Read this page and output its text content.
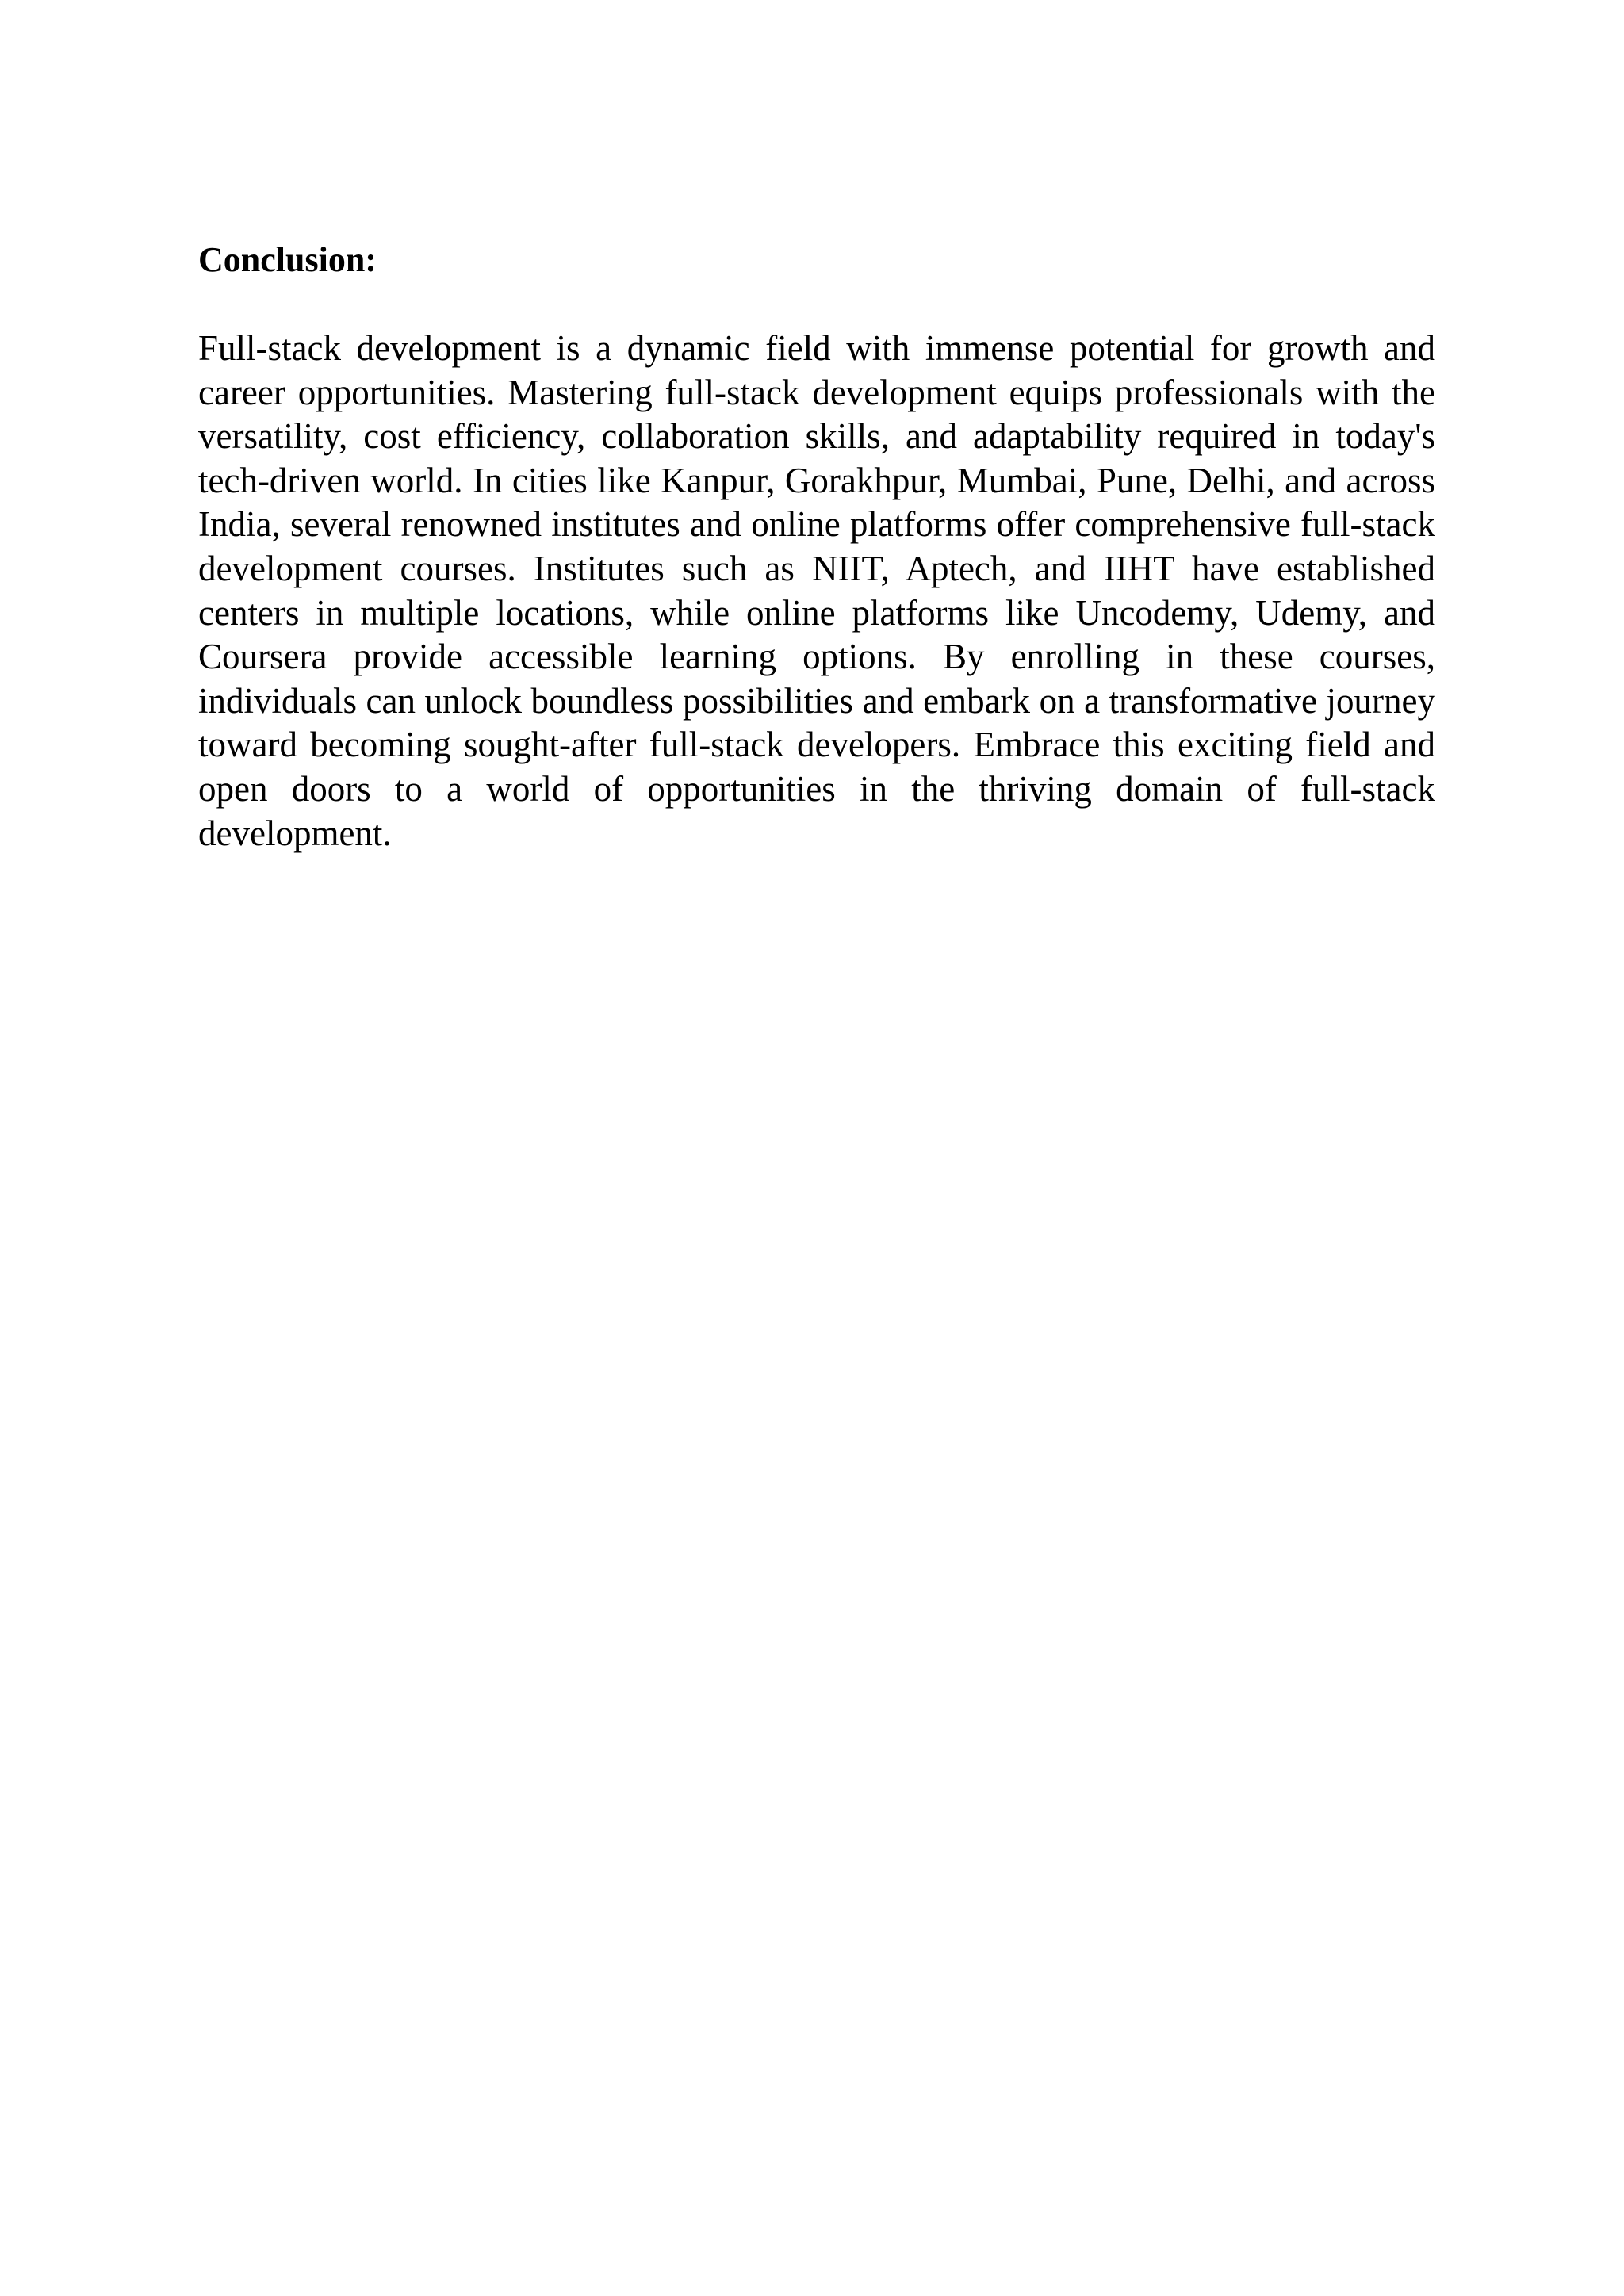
Conclusion:

Full-stack development is a dynamic field with immense potential for growth and career opportunities. Mastering full-stack development equips professionals with the versatility, cost efficiency, collaboration skills, and adaptability required in today's tech-driven world. In cities like Kanpur, Gorakhpur, Mumbai, Pune, Delhi, and across India, several renowned institutes and online platforms offer comprehensive full-stack development courses. Institutes such as NIIT, Aptech, and IIHT have established centers in multiple locations, while online platforms like Uncodemy, Udemy, and Coursera provide accessible learning options. By enrolling in these courses, individuals can unlock boundless possibilities and embark on a transformative journey toward becoming sought-after full-stack developers. Embrace this exciting field and open doors to a world of opportunities in the thriving domain of full-stack development.
